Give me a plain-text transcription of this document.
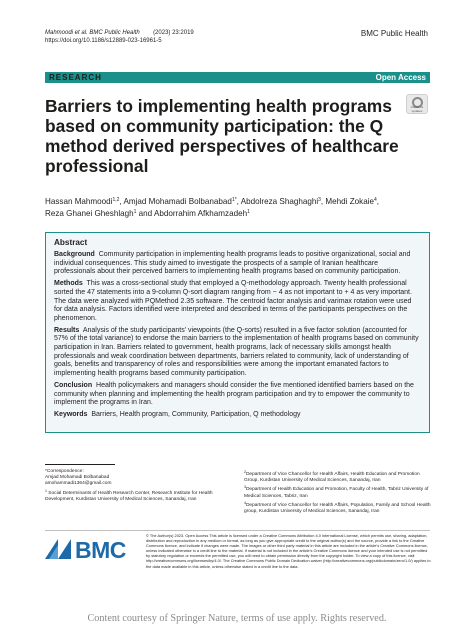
Mahmoodi et al. BMC Public Health (2023) 23:2019
https://doi.org/10.1186/s12889-023-16961-5
BMC Public Health
RESEARCH	Open Access
Check for updates
Barriers to implementing health programs based on community participation: the Q method derived perspectives of healthcare professional
Hassan Mahmoodi$^{1,2}$, Amjad Mohamadi Bolbanabad$^{1*}$, Abdolreza Shaghaghi$^3$, Mehdi Zokaie$^4$,
Reza Ghanei Gheshlagh$^1$ and Abdorrahim Afkhamzadeh$^1$
Abstract

Background Community participation in implementing health programs leads to positive organizational, social and individual consequences. This study aimed to investigate the prospects of a sample of Iranian healthcare professionals about their perceived barriers to implementing health programs based on community participation.

Methods This was a cross-sectional study that employed a Q-methodology approach. Twenty health professional sorted the 47 statements into a 9-column Q-sort diagram ranging from − 4 as not important to + 4 as very important. The data were analyzed with PQMethod 2.35 software. The centroid factor analysis and varimax rotation were used for data analysis. Factors identified were interpreted and described in terms of the participants perspectives on the phenomenon.

Results Analysis of the study participants' viewpoints (the Q-sorts) resulted in a five factor solution (accounted for 57% of the total variance) to endorse the main barriers to the implementation of health programs based on community participation in Iran. Barriers related to government, health programs, lack of necessary skills amongst health professionals and weak coordination between departments, barriers related to community, lack of understanding of goals, benefits and transparency of roles and responsibilities were among the important emanated factors to implementing health programs based community participation.

Conclusion Health policymakers and managers should consider the five mentioned identified barriers based on the community when planning and implementing the health program participation and try to empower the community to implement the programs in Iran.

Keywords Barriers, Health program, Community, Participation, Q methodology

*Correspondence:
Amjad Mohamadi Bolbanabad
amohammadi1364@gmail.com
$^1$ Social Determinants of Health Research Center, Research Institute for Health Development, Kurdistan University of Medical Sciences, Sanandaj, Iran
$^2$Department of Vice Chancellor for Health Affairs, Health Education and Promotion Group, Kurdistan University of Medical Sciences, Sanandaj, Iran
$^3$Department of Health Education and Promotion, Faculty of Health, Tabriz University of Medical Sciences, Tabriz, Iran
$^4$Department of Vice Chancellor for Health Affairs, Population, Family and School Health group, Kurdistan University of Medical Sciences, Sanandaj, Iran
BMC
© The Author(s) 2023. Open Access This article is licensed under a Creative Commons Attribution 4.0 International License, which permits use, sharing, adaptation, distribution and reproduction in any medium or format, as long as you give appropriate credit to the original author(s) and the source, provide a link to the Creative Commons licence, and indicate if changes were made. The images or other third party material in this article are included in the article's Creative Commons licence, unless indicated otherwise in a credit line to the material. If material is not included in the article's Creative Commons licence and your intended use is not permitted by statutory regulation or exceeds the permitted use, you will need to obtain permission directly from the copyright holder. To view a copy of this licence, visit http://creativecommons.org/licenses/by/4.0/. The Creative Commons Public Domain Dedication waiver (http://creativecommons.org/publicdomain/zero/1.0/) applies to the data made available in this article, unless otherwise stated in a credit line to the data.
Content courtesy of Springer Nature, terms of use apply. Rights reserved.
